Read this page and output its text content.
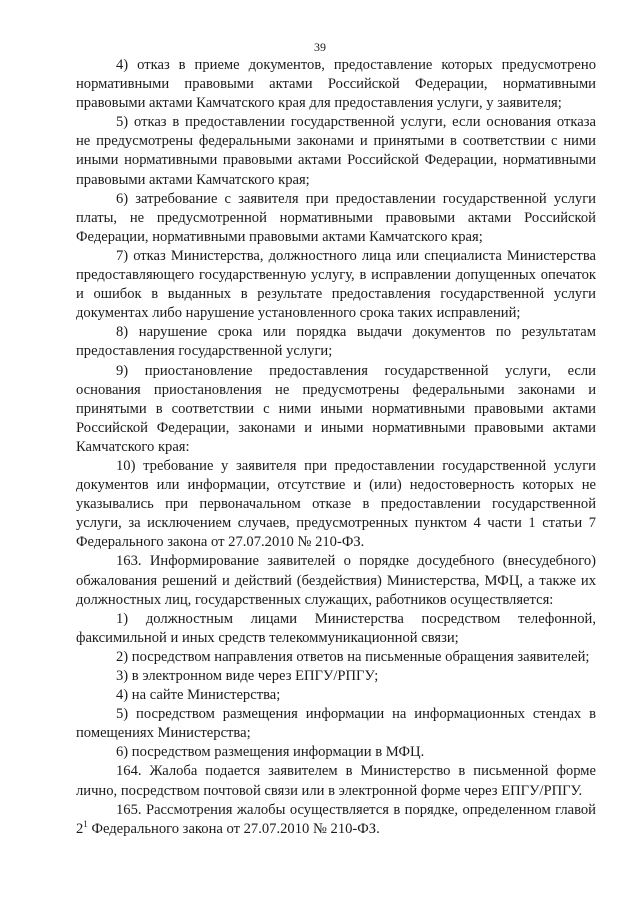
39

4) отказ в приеме документов, предоставление которых предусмотрено нормативными правовыми актами Российской Федерации, нормативными правовыми актами Камчатского края для предоставления услуги, у заявителя;

5) отказ в предоставлении государственной услуги, если основания отказа не предусмотрены федеральными законами и принятыми в соответствии с ними иными нормативными правовыми актами Российской Федерации, нормативными правовыми актами Камчатского края;

6) затребование с заявителя при предоставлении государственной услуги платы, не предусмотренной нормативными правовыми актами Российской Федерации, нормативными правовыми актами Камчатского края;

7) отказ Министерства, должностного лица или специалиста Министерства предоставляющего государственную услугу, в исправлении допущенных опечаток и ошибок в выданных в результате предоставления государственной услуги документах либо нарушение установленного срока таких исправлений;

8) нарушение срока или порядка выдачи документов по результатам предоставления государственной услуги;

9) приостановление предоставления государственной услуги, если основания приостановления не предусмотрены федеральными законами и принятыми в соответствии с ними иными нормативными правовыми актами Российской Федерации, законами и иными нормативными правовыми актами Камчатского края:

10) требование у заявителя при предоставлении государственной услуги документов или информации, отсутствие и (или) недостоверность которых не указывались при первоначальном отказе в предоставлении государственной услуги, за исключением случаев, предусмотренных пунктом 4 части 1 статьи 7 Федерального закона от 27.07.2010 № 210-ФЗ.

163. Информирование заявителей о порядке досудебного (внесудебного) обжалования решений и действий (бездействия) Министерства, МФЦ, а также их должностных лиц, государственных служащих, работников осуществляется:

1) должностным лицами Министерства посредством телефонной, факсимильной и иных средств телекоммуникационной связи;

2) посредством направления ответов на письменные обращения заявителей;

3) в электронном виде через ЕПГУ/РПГУ;

4) на сайте Министерства;

5) посредством размещения информации на информационных стендах в помещениях Министерства;

6) посредством размещения информации в МФЦ.

164. Жалоба подается заявителем в Министерство в письменной форме лично, посредством почтовой связи или в электронной форме через ЕПГУ/РПГУ.

165. Рассмотрения жалобы осуществляется в порядке, определенном главой $2^1$ Федерального закона от 27.07.2010 № 210-ФЗ.
